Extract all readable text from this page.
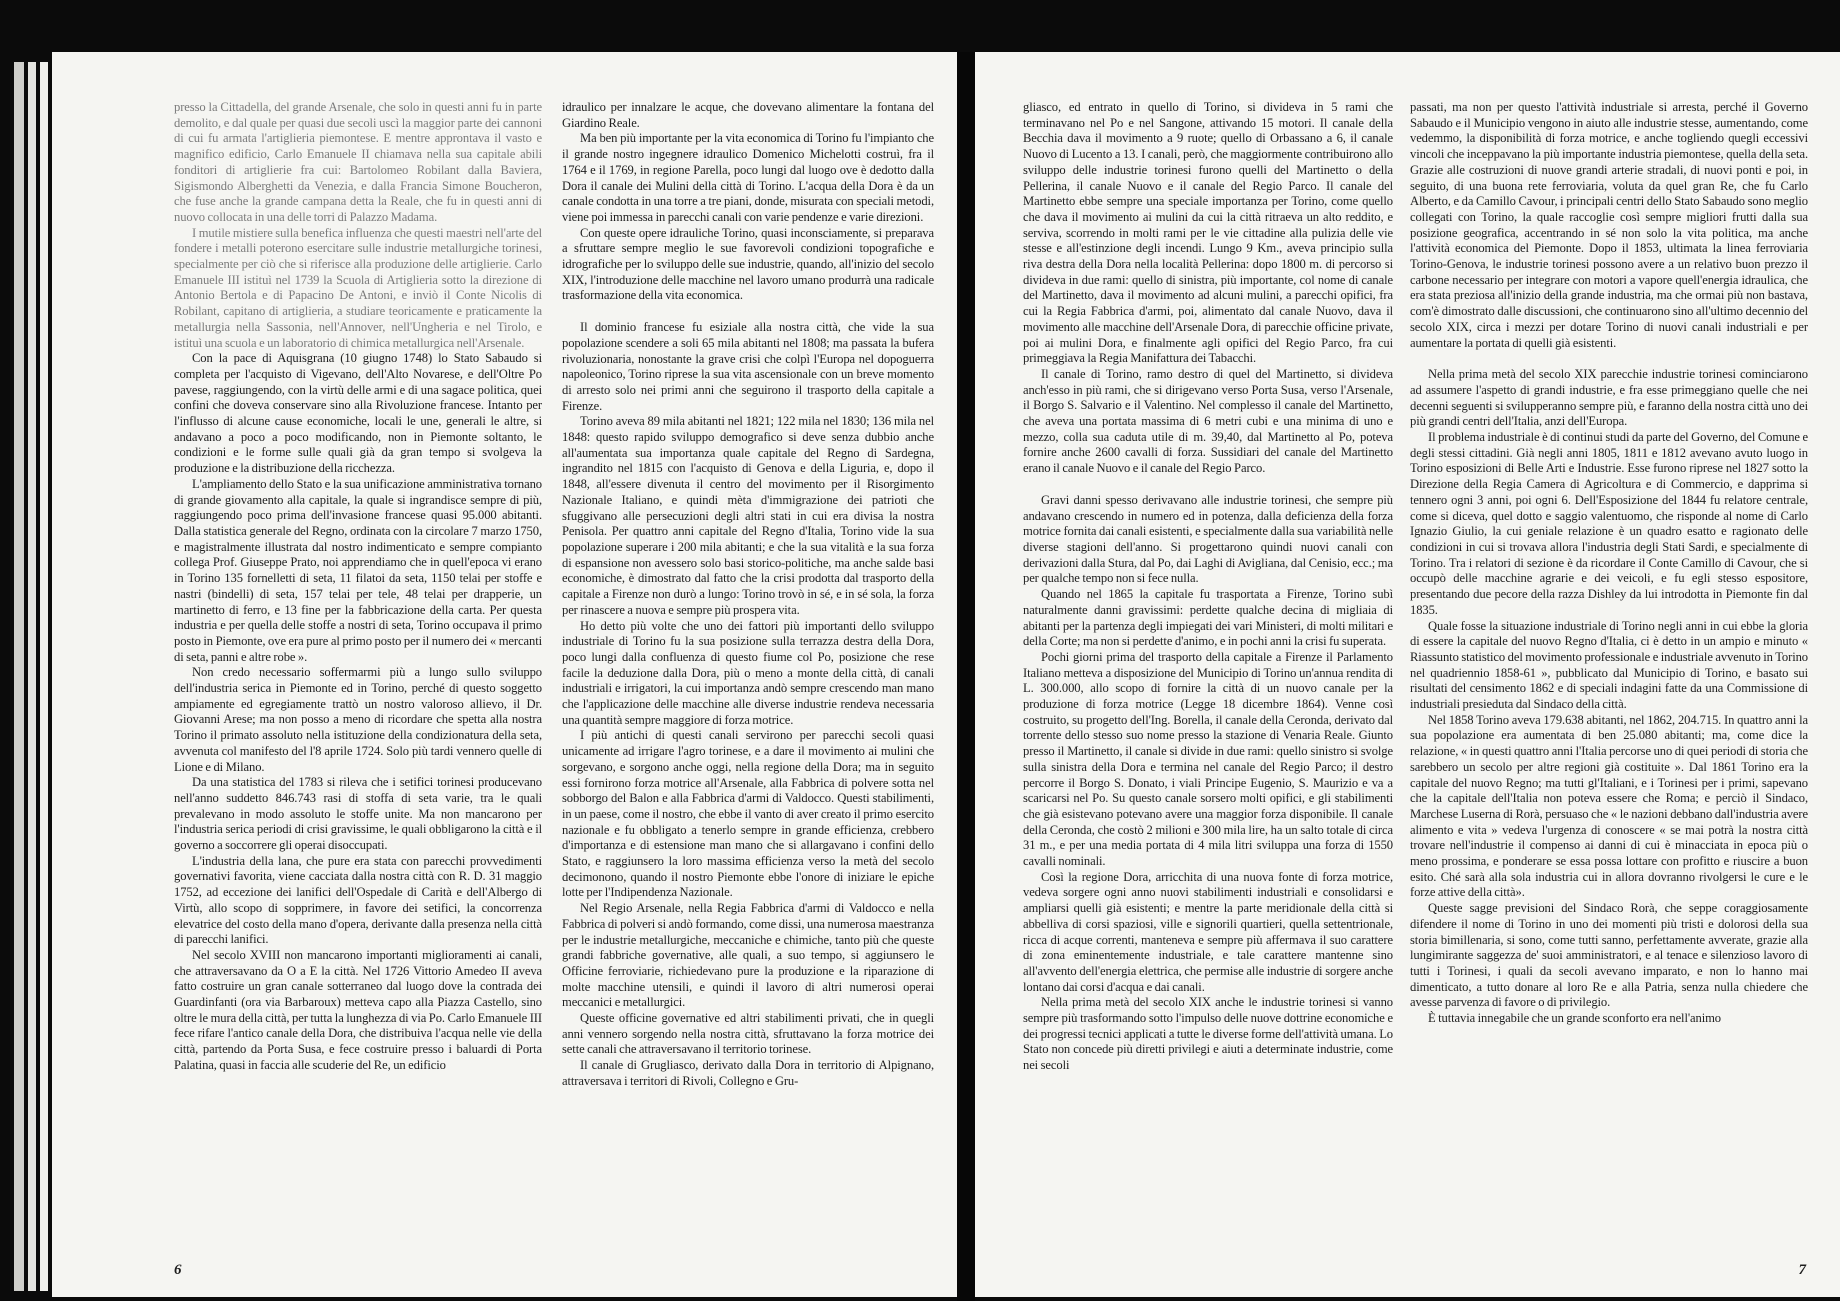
presso la Cittadella, del grande Arsenale, che solo in questi anni fu in parte demolito, e dal quale per quasi due secoli uscì la maggior parte dei cannoni di cui fu armata l'artiglieria piemontese. E mentre approntava il vasto e magnifico edificio, Carlo Emanuele II chiamava nella sua capitale abili fonditori di artiglierie fra cui: Bartolomeo Robilant dalla Baviera, Sigismondo Alberghetti da Venezia, e dalla Francia Simone Boucheron, che fuse anche la grande campana detta la Reale, che fu in questi anni di nuovo collocata in una delle torri di Palazzo Madama.

I mutile mistiere sulla benefica influenza che questi maestri nell'arte del fondere i metalli poterono esercitare sulle industrie metallurgiche torinesi, specialmente per ciò che si riferisce alla produzione delle artiglierie. Carlo Emanuele III istituì nel 1739 la Scuola di Artiglieria sotto la direzione di Antonio Bertola e di Papacino De Antoni, e inviò il Conte Nicolis di Robilant, capitano di artiglieria, a studiare teoricamente e praticamente la metallurgia nella Sassonia, nell'Annover, nell'Ungheria e nel Tirolo, e istituì una scuola e un laboratorio di chimica metallurgica nell'Arsenale.

Con la pace di Aquisgrana (10 giugno 1748) lo Stato Sabaudo si completa per l'acquisto di Vigevano, dell'Alto Novarese, e dell'Oltre Po pavese, raggiungendo, con la virtù delle armi e di una sagace politica, quei confini che doveva conservare sino alla Rivoluzione francese. Intanto per l'influsso di alcune cause economiche, locali le une, generali le altre, si andavano a poco a poco modificando, non in Piemonte soltanto, le condizioni e le forme sulle quali già da gran tempo si svolgeva la produzione e la distribuzione della ricchezza.

L'ampliamento dello Stato e la sua unificazione amministrativa tornano di grande giovamento alla capitale, la quale si ingrandisce sempre di più, raggiungendo poco prima dell'invasione francese quasi 95.000 abitanti. Dalla statistica generale del Regno, ordinata con la circolare 7 marzo 1750, e magistralmente illustrata dal nostro indimenticato e sempre compianto collega Prof. Giuseppe Prato, noi apprendiamo che in quell'epoca vi erano in Torino 135 fornelletti di seta, 11 filatoi da seta, 1150 telai per stoffe e nastri (bindelli) di seta, 157 telai per tele, 48 telai per drapperie, un martinetto di ferro, e 13 fine per la fabbricazione della carta. Per questa industria e per quella delle stoffe a nostri di seta, Torino occupava il primo posto in Piemonte, ove era pure al primo posto per il numero dei « mercanti di seta, panni e altre robe ».

Non credo necessario soffermarmi più a lungo sullo sviluppo dell'industria serica in Piemonte ed in Torino, perché di questo soggetto ampiamente ed egregiamente trattò un nostro valoroso allievo, il Dr. Giovanni Arese; ma non posso a meno di ricordare che spetta alla nostra Torino il primato assoluto nella istituzione della condizionatura della seta, avvenuta col manifesto del l'8 aprile 1724. Solo più tardi vennero quelle di Lione e di Milano.

Da una statistica del 1783 si rileva che i setifici torinesi producevano nell'anno suddetto 846.743 rasi di stoffa di seta varie, tra le quali prevalevano in modo assoluto le stoffe unite. Ma non mancarono per l'industria serica periodi di crisi gravissime, le quali obbligarono la città e il governo a soccorrere gli operai disoccupati.

L'industria della lana, che pure era stata con parecchi provvedimenti governativi favorita, viene cacciata dalla nostra città con R. D. 31 maggio 1752, ad eccezione dei lanifici dell'Ospedale di Carità e dell'Albergo di Virtù, allo scopo di sopprimere, in favore dei setifici, la concorrenza elevatrice del costo della mano d'opera, derivante dalla presenza nella città di parecchi lanifici.

Nel secolo XVIII non mancarono importanti miglioramenti ai canali, che attraversavano da O a E la città. Nel 1726 Vittorio Amedeo II aveva fatto costruire un gran canale sotterraneo dal luogo dove la contrada dei Guardinfanti (ora via Barbaroux) metteva capo alla Piazza Castello, sino oltre le mura della città, per tutta la lunghezza di via Po. Carlo Emanuele III fece rifare l'antico canale della Dora, che distribuiva l'acqua nelle vie della città, partendo da Porta Susa, e fece costruire presso i baluardi di Porta Palatina, quasi in faccia alle scuderie del Re, un edificio

idraulico per innalzare le acque, che dovevano alimentare la fontana del Giardino Reale.

Ma ben più importante per la vita economica di Torino fu l'impianto che il grande nostro ingegnere idraulico Domenico Michelotti costruì, fra il 1764 e il 1769, in regione Parella, poco lungi dal luogo ove è dedotto dalla Dora il canale dei Mulini della città di Torino. L'acqua della Dora è da un canale condotta in una torre a tre piani, donde, misurata con speciali metodi, viene poi immessa in parecchi canali con varie pendenze e varie direzioni.

Con queste opere idrauliche Torino, quasi inconsciamente, si preparava a sfruttare sempre meglio le sue favorevoli condizioni topografiche e idrografiche per lo sviluppo delle sue industrie, quando, all'inizio del secolo XIX, l'introduzione delle macchine nel lavoro umano produrrà una radicale trasformazione della vita economica.

Il dominio francese fu esiziale alla nostra città, che vide la sua popolazione scendere a soli 65 mila abitanti nel 1808; ma passata la bufera rivoluzionaria, nonostante la grave crisi che colpì l'Europa nel dopoguerra napoleonico, Torino riprese la sua vita ascensionale con un breve momento di arresto solo nei primi anni che seguirono il trasporto della capitale a Firenze.

Torino aveva 89 mila abitanti nel 1821; 122 mila nel 1830; 136 mila nel 1848: questo rapido sviluppo demografico si deve senza dubbio anche all'aumentata sua importanza quale capitale del Regno di Sardegna, ingrandito nel 1815 con l'acquisto di Genova e della Liguria, e, dopo il 1848, all'essere divenuta il centro del movimento per il Risorgimento Nazionale Italiano, e quindi mèta d'immigrazione dei patrioti che sfuggivano alle persecuzioni degli altri stati in cui era divisa la nostra Penisola. Per quattro anni capitale del Regno d'Italia, Torino vide la sua popolazione superare i 200 mila abitanti; e che la sua vitalità e la sua forza di espansione non avessero solo basi storico-politiche, ma anche salde basi economiche, è dimostrato dal fatto che la crisi prodotta dal trasporto della capitale a Firenze non durò a lungo: Torino trovò in sé, e in sé sola, la forza per rinascere a nuova e sempre più prospera vita.

Ho detto più volte che uno dei fattori più importanti dello sviluppo industriale di Torino fu la sua posizione sulla terrazza destra della Dora, poco lungi dalla confluenza di questo fiume col Po, posizione che rese facile la deduzione dalla Dora, più o meno a monte della città, di canali industriali e irrigatori, la cui importanza andò sempre crescendo man mano che l'applicazione delle macchine alle diverse industrie rendeva necessaria una quantità sempre maggiore di forza motrice.

I più antichi di questi canali servirono per parecchi secoli quasi unicamente ad irrigare l'agro torinese, e a dare il movimento ai mulini che sorgevano, e sorgono anche oggi, nella regione della Dora; ma in seguito essi fornirono forza motrice all'Arsenale, alla Fabbrica di polvere sotta nel sobborgo del Balon e alla Fabbrica d'armi di Valdocco. Questi stabilimenti, in un paese, come il nostro, che ebbe il vanto di aver creato il primo esercito nazionale e fu obbligato a tenerlo sempre in grande efficienza, crebbero d'importanza e di estensione man mano che si allargavano i confini dello Stato, e raggiunsero la loro massima efficienza verso la metà del secolo decimonono, quando il nostro Piemonte ebbe l'onore di iniziare le epiche lotte per l'Indipendenza Nazionale.

Nel Regio Arsenale, nella Regia Fabbrica d'armi di Valdocco e nella Fabbrica di polveri si andò formando, come dissi, una numerosa maestranza per le industrie metallurgiche, meccaniche e chimiche, tanto più che queste grandi fabbriche governative, alle quali, a suo tempo, si aggiunsero le Officine ferroviarie, richiedevano pure la produzione e la riparazione di molte macchine utensili, e quindi il lavoro di altri numerosi operai meccanici e metallurgici.

Queste officine governative ed altri stabilimenti privati, che in quegli anni vennero sorgendo nella nostra città, sfruttavano la forza motrice dei sette canali che attraversavano il territorio torinese.

Il canale di Grugliasco, derivato dalla Dora in territorio di Alpignano, attraversava i territori di Rivoli, Collegno e Gru-

6

gliasco, ed entrato in quello di Torino, si divideva in 5 rami che terminavano nel Po e nel Sangone, attivando 15 motori. Il canale della Becchia dava il movimento a 9 ruote; quello di Orbassano a 6, il canale Nuovo di Lucento a 13. I canali, però, che maggiormente contribuirono allo sviluppo delle industrie torinesi furono quelli del Martinetto o della Pellerina, il canale Nuovo e il canale del Regio Parco. Il canale del Martinetto ebbe sempre una speciale importanza per Torino, come quello che dava il movimento ai mulini da cui la città ritraeva un alto reddito, e serviva, scorrendo in molti rami per le vie cittadine alla pulizia delle vie stesse e all'estinzione degli incendi. Lungo 9 Km., aveva principio sulla riva destra della Dora nella località Pellerina: dopo 1800 m. di percorso si divideva in due rami: quello di sinistra, più importante, col nome di canale del Martinetto, dava il movimento ad alcuni mulini, a parecchi opifici, fra cui la Regia Fabbrica d'armi, poi, alimentato dal canale Nuovo, dava il movimento alle macchine dell'Arsenale Dora, di parecchie officine private, poi ai mulini Dora, e finalmente agli opifici del Regio Parco, fra cui primeggiava la Regia Manifattura dei Tabacchi.

Il canale di Torino, ramo destro di quel del Martinetto, si divideva anch'esso in più rami, che si dirigevano verso Porta Susa, verso l'Arsenale, il Borgo S. Salvario e il Valentino. Nel complesso il canale del Martinetto, che aveva una portata massima di 6 metri cubi e una minima di uno e mezzo, colla sua caduta utile di m. 39,40, dal Martinetto al Po, poteva fornire anche 2600 cavalli di forza. Sussidiari del canale del Martinetto erano il canale Nuovo e il canale del Regio Parco.

Gravi danni spesso derivavano alle industrie torinesi, che sempre più andavano crescendo in numero ed in potenza, dalla deficienza della forza motrice fornita dai canali esistenti, e specialmente dalla sua variabilità nelle diverse stagioni dell'anno. Si progettarono quindi nuovi canali con derivazioni dalla Stura, dal Po, dai Laghi di Avigliana, dal Cenisio, ecc.; ma per qualche tempo non si fece nulla.

Quando nel 1865 la capitale fu trasportata a Firenze, Torino subì naturalmente danni gravissimi: perdette qualche decina di migliaia di abitanti per la partenza degli impiegati dei vari Ministeri, di molti militari e della Corte; ma non si perdette d'animo, e in pochi anni la crisi fu superata.

Pochi giorni prima del trasporto della capitale a Firenze il Parlamento Italiano metteva a disposizione del Municipio di Torino un'annua rendita di L. 300.000, allo scopo di fornire la città di un nuovo canale per la produzione di forza motrice (Legge 18 dicembre 1864). Venne così costruito, su progetto dell'Ing. Borella, il canale della Ceronda, derivato dal torrente dello stesso suo nome presso la stazione di Venaria Reale. Giunto presso il Martinetto, il canale si divide in due rami: quello sinistro si svolge sulla sinistra della Dora e termina nel canale del Regio Parco; il destro percorre il Borgo S. Donato, i viali Principe Eugenio, S. Maurizio e va a scaricarsi nel Po. Su questo canale sorsero molti opifici, e gli stabilimenti che già esistevano potevano avere una maggior forza disponibile. Il canale della Ceronda, che costò 2 milioni e 300 mila lire, ha un salto totale di circa 31 m., e per una media portata di 4 mila litri sviluppa una forza di 1550 cavalli nominali.

Così la regione Dora, arricchita di una nuova fonte di forza motrice, vedeva sorgere ogni anno nuovi stabilimenti industriali e consolidarsi e ampliarsi quelli già esistenti; e mentre la parte meridionale della città si abbelliva di corsi spaziosi, ville e signorili quartieri, quella settentrionale, ricca di acque correnti, manteneva e sempre più affermava il suo carattere di zona eminentemente industriale, e tale carattere mantenne sino all'avvento dell'energia elettrica, che permise alle industrie di sorgere anche lontano dai corsi d'acqua e dai canali.

Nella prima metà del secolo XIX anche le industrie torinesi si vanno sempre più trasformando sotto l'impulso delle nuove dottrine economiche e dei progressi tecnici applicati a tutte le diverse forme dell'attività umana. Lo Stato non concede più diretti privilegi e aiuti a determinate industrie, come nei secoli

passati, ma non per questo l'attività industriale si arresta, perché il Governo Sabaudo e il Municipio vengono in aiuto alle industrie stesse, aumentando, come vedemmo, la disponibilità di forza motrice, e anche togliendo quegli eccessivi vincoli che inceppavano la più importante industria piemontese, quella della seta. Grazie alle costruzioni di nuove grandi arterie stradali, di nuovi ponti e poi, in seguito, di una buona rete ferroviaria, voluta da quel gran Re, che fu Carlo Alberto, e da Camillo Cavour, i principali centri dello Stato Sabaudo sono meglio collegati con Torino, la quale raccoglie così sempre migliori frutti dalla sua posizione geografica, accentrando in sé non solo la vita politica, ma anche l'attività economica del Piemonte. Dopo il 1853, ultimata la linea ferroviaria Torino-Genova, le industrie torinesi possono avere a un relativo buon prezzo il carbone necessario per integrare con motori a vapore quell'energia idraulica, che era stata preziosa all'inizio della grande industria, ma che ormai più non bastava, com'è dimostrato dalle discussioni, che continuarono sino all'ultimo decennio del secolo XIX, circa i mezzi per dotare Torino di nuovi canali industriali e per aumentare la portata di quelli già esistenti.

Nella prima metà del secolo XIX parecchie industrie torinesi cominciarono ad assumere l'aspetto di grandi industrie, e fra esse primeggiano quelle che nei decenni seguenti si svilupperanno sempre più, e faranno della nostra città uno dei più grandi centri dell'Italia, anzi dell'Europa.

Il problema industriale è di continui studi da parte del Governo, del Comune e degli stessi cittadini. Già negli anni 1805, 1811 e 1812 avevano avuto luogo in Torino esposizioni di Belle Arti e Industrie. Esse furono riprese nel 1827 sotto la Direzione della Regia Camera di Agricoltura e di Commercio, e dapprima si tennero ogni 3 anni, poi ogni 6. Dell'Esposizione del 1844 fu relatore centrale, come si diceva, quel dotto e saggio valentuomo, che risponde al nome di Carlo Ignazio Giulio, la cui geniale relazione è un quadro esatto e ragionato delle condizioni in cui si trovava allora l'industria degli Stati Sardi, e specialmente di Torino. Tra i relatori di sezione è da ricordare il Conte Camillo di Cavour, che si occupò delle macchine agrarie e dei veicoli, e fu egli stesso espositore, presentando due pecore della razza Dishley da lui introdotta in Piemonte fin dal 1835.

Quale fosse la situazione industriale di Torino negli anni in cui ebbe la gloria di essere la capitale del nuovo Regno d'Italia, ci è detto in un ampio e minuto « Riassunto statistico del movimento professionale e industriale avvenuto in Torino nel quadriennio 1858-61 », pubblicato dal Municipio di Torino, e basato sui risultati del censimento 1862 e di speciali indagini fatte da una Commissione di industriali presieduta dal Sindaco della città.

Nel 1858 Torino aveva 179.638 abitanti, nel 1862, 204.715. In quattro anni la sua popolazione era aumentata di ben 25.080 abitanti; ma, come dice la relazione, « in questi quattro anni l'Italia percorse uno di quei periodi di storia che sarebbero un secolo per altre regioni già costituite ». Dal 1861 Torino era la capitale del nuovo Regno; ma tutti gl'Italiani, e i Torinesi per i primi, sapevano che la capitale dell'Italia non poteva essere che Roma; e perciò il Sindaco, Marchese Luserna di Rorà, persuaso che « le nazioni debbano dall'industria avere alimento e vita » vedeva l'urgenza di conoscere « se mai potrà la nostra città trovare nell'industrie il compenso ai danni di cui è minacciata in epoca più o meno prossima, e ponderare se essa possa lottare con profitto e riuscire a buon esito. Ché sarà alla sola industria cui in allora dovranno rivolgersi le cure e le forze attive della città».

Queste sagge previsioni del Sindaco Rorà, che seppe coraggiosamente difendere il nome di Torino in uno dei momenti più tristi e dolorosi della sua storia bimillenaria, si sono, come tutti sanno, perfettamente avverate, grazie alla lungimirante saggezza de' suoi amministratori, e al tenace e silenzioso lavoro di tutti i Torinesi, i quali da secoli avevano imparato, e non lo hanno mai dimenticato, a tutto donare al loro Re e alla Patria, senza nulla chiedere che avesse parvenza di favore o di privilegio.

È tuttavia innegabile che un grande sconforto era nell'animo

7
